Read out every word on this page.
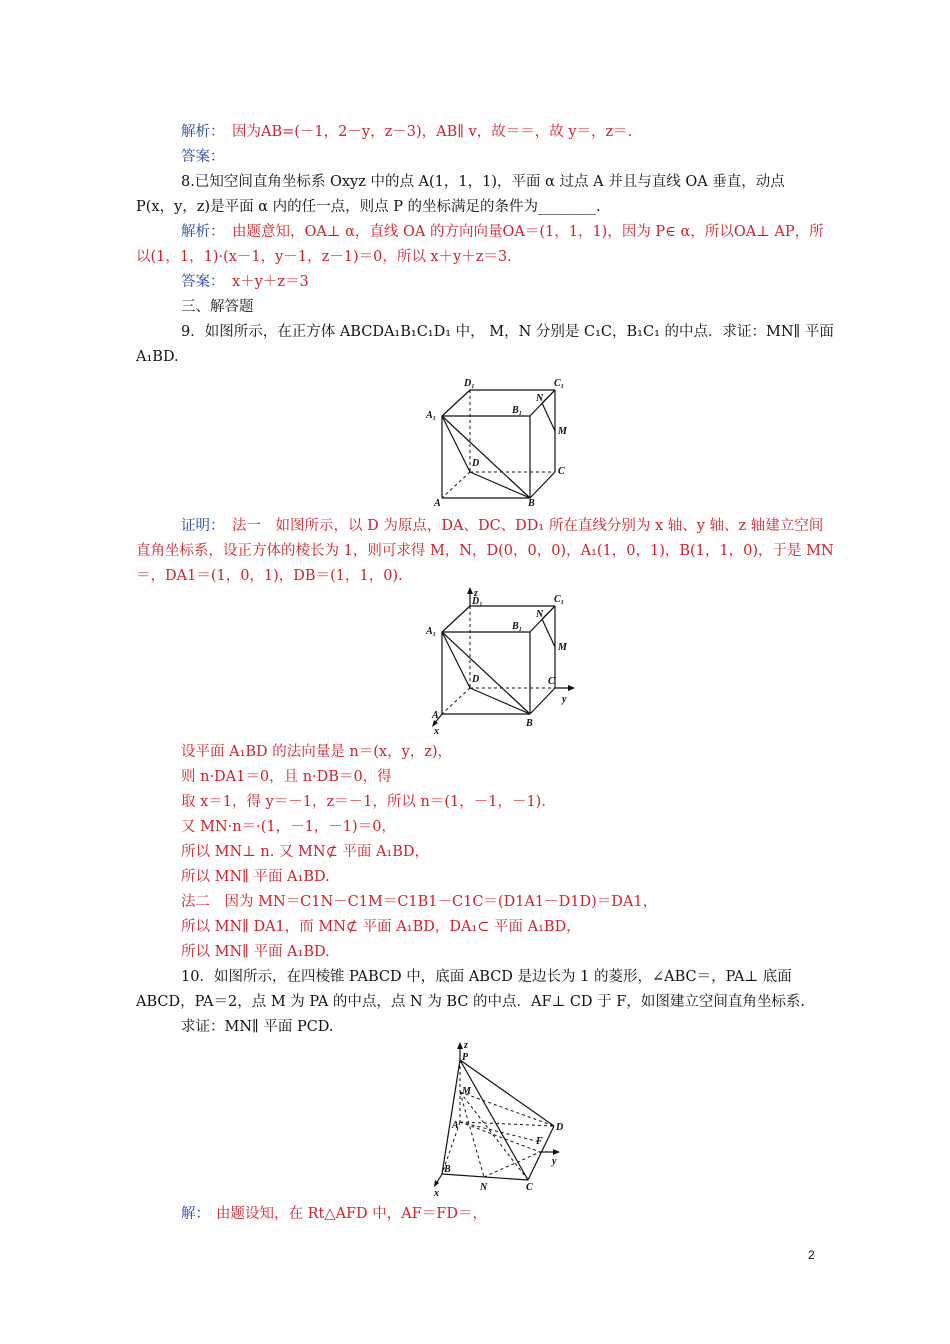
解析： 因为AB=(－1，2－y，z－3)，AB∥ v，故＝＝，故 y＝，z＝.
答案：
8.已知空间直角坐标系 Oxyz 中的点 A(1，1，1)，平面 α 过点 A 并且与直线 OA 垂直，动点
P(x，y，z)是平面 α 内的任一点，则点 P 的坐标满足的条件为________.
解析： 由题意知，OA⊥ α，直线 OA 的方向向量OA＝(1，1，1)，因为 P∈ α，所以OA⊥ AP，所
以(1，1，1)·(x－1，y－1，z－1)＝0，所以 x＋y＋z＝3.
答案： x＋y＋z＝3
三、解答题
9．如图所示，在正方体 ABCDA₁B₁C₁D₁ 中， M，N 分别是 C₁C，B₁C₁ 的中点．求证：MN∥ 平面
A₁BD.
D₁	C₁
B₁
N
A₁
M
D
C
A	B
证明： 法一　如图所示，以 D 为原点，DA、DC、DD₁ 所在直线分别为 x 轴、y 轴、z 轴建立空间
直角坐标系，设正方体的棱长为 1，则可求得 M，N，D(0，0，0)，A₁(1，0，1)，B(1，1，0)，于是 MN
＝，DA1＝(1，0，1)，DB＝(1，1，0).
z
y
x
D₁	C₁
B₁
N
A₁
M
D	C
A
B
设平面 A₁BD 的法向量是 n＝(x，y，z)，
则 n·DA1＝0，且 n·DB＝0，得
取 x＝1，得 y＝－1，z＝－1，所以 n＝(1，－1，－1).
又 MN·n＝·(1，－1，－1)＝0，
所以 MN⊥ n. 又 MN⊄ 平面 A₁BD，
所以 MN∥ 平面 A₁BD.
法二　因为 MN＝C1N－C1M＝C1B1－C1C＝(D1A1－D1D)＝DA1，
所以 MN∥ DA1，而 MN⊄ 平面 A₁BD，DA₁⊂ 平面 A₁BD，
所以 MN∥ 平面 A₁BD.
10．如图所示，在四棱锥 PABCD 中，底面 ABCD 是边长为 1 的菱形，∠ABC＝，PA⊥ 底面
ABCD，PA＝2，点 M 为 PA 的中点，点 N 为 BC 的中点．AF⊥ CD 于 F，如图建立空间直角坐标系.
求证：MN∥ 平面 PCD.
z
y
x
P
M
A	D
F
B
N	C
解： 由题设知，在 Rt△AFD 中，AF＝FD＝，
2
